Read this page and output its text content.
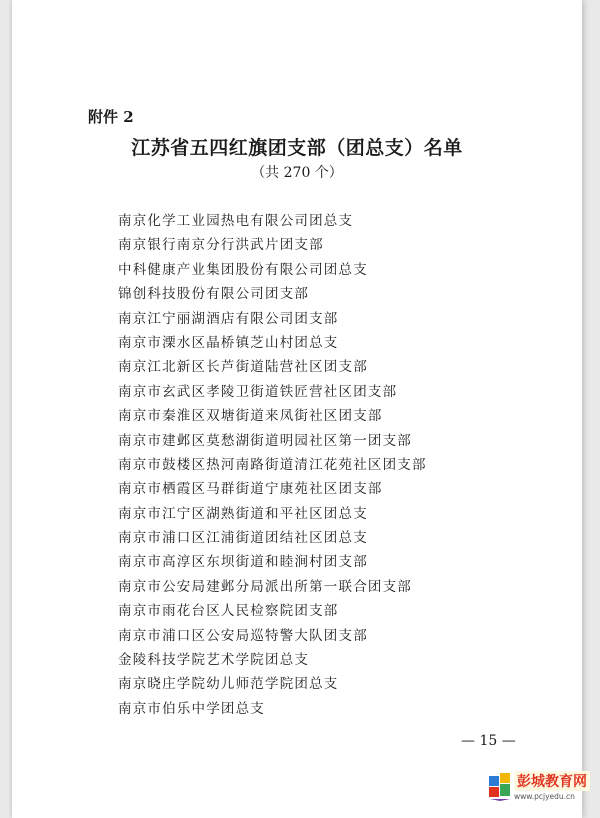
附件 2
江苏省五四红旗团支部（团总支）名单
（共 270 个）
南京化学工业园热电有限公司团总支
南京银行南京分行洪武片团支部
中科健康产业集团股份有限公司团总支
锦创科技股份有限公司团支部
南京江宁丽湖酒店有限公司团支部
南京市溧水区晶桥镇芝山村团总支
南京江北新区长芦街道陆营社区团支部
南京市玄武区孝陵卫街道铁匠营社区团支部
南京市秦淮区双塘街道来凤街社区团支部
南京市建邺区莫愁湖街道明园社区第一团支部
南京市鼓楼区热河南路街道清江花苑社区团支部
南京市栖霞区马群街道宁康苑社区团支部
南京市江宁区湖熟街道和平社区团总支
南京市浦口区江浦街道团结社区团总支
南京市高淳区东坝街道和睦涧村团支部
南京市公安局建邺分局派出所第一联合团支部
南京市雨花台区人民检察院团支部
南京市浦口区公安局巡特警大队团支部
金陵科技学院艺术学院团总支
南京晓庄学院幼儿师范学院团总支
南京市伯乐中学团总支
— 15 —
彭城教育网
www.pcjyedu.cn
